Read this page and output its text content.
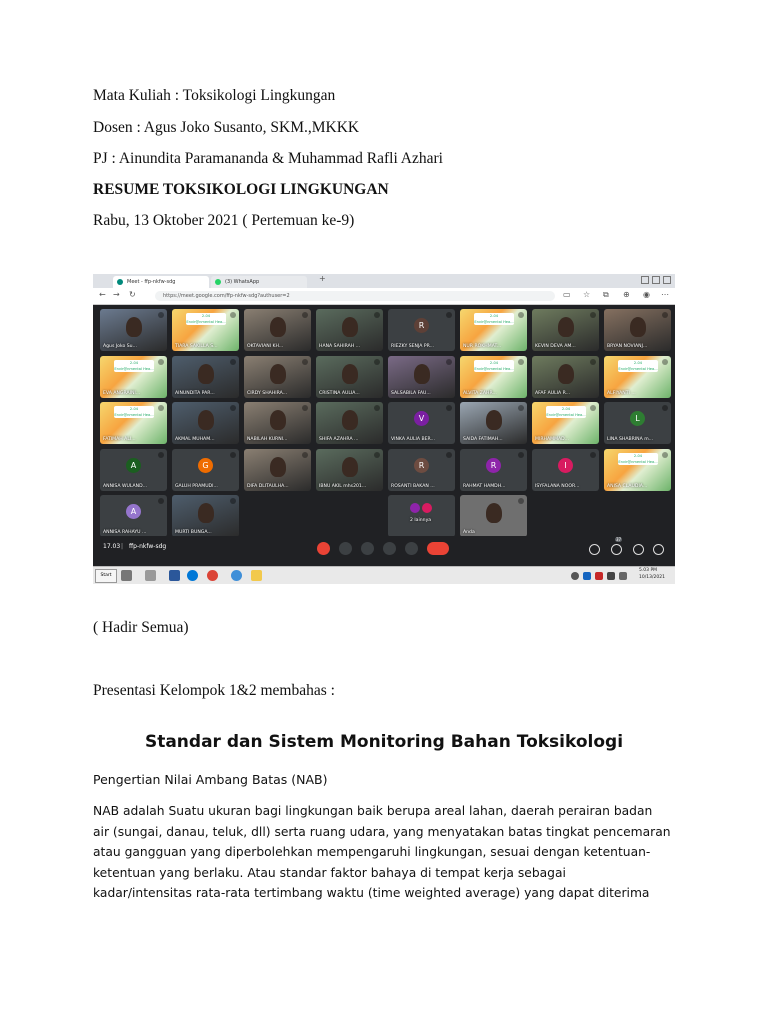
Mata Kuliah : Toksikologi Lingkungan
Dosen : Agus Joko Susanto, SKM.,MKKK
PJ : Ainundita Paramananda & Muhammad Rafli Azhari
RESUME TOKSIKOLOGI LINGKUNGAN
Rabu, 13 Oktober 2021 ( Pertemuan ke-9)
Meet - ffp-nkfw-sdg	(3) WhatsApp	+
← → ↻	https://meet.google.com/ffp-nkfw-sdg?authuser=2	▭ ☆ ⧉ ⊕ ◉ ⋯
Agus Joko Su...
2-04
Envir@nmental Hea...
TIARA SAKILLA S...	OKTAVIANI KH...	HANA SAHIRAH ...
R
RIEZKY SENJA PR...
2-04
Envir@nmental Hea...
NUR ROKHMAT...	KEVIN DEVA AM...	BRYAN NOVIANJ...
2-04
Envir@nmental Hea...
EVA ANGRAINI...	AINUNDITA PAR...	CIRDY SHAHIRA...	CRISTINA AULIA...	SALSABILA FAU...
2-04
Envir@nmental Hea...
ALVITA ZAHR...	AFAF AULIA R...
2-04
Envir@nmental Hea...
ALFIYANTI ...
2-04
Envir@nmental Hea...
FATIMAH ALI...	AKMAL MUHAM...	NABILAH KURNI...	SHIFA AZAHRA ...
V
VINKA AULIA BER...	SAIDA FATIMAH...
2-04
Envir@nmental Hea...
MIRHAMMAD...
L
LINA SHABRINA m...
A
ANNISA WULAND...
G
GALUH PRAMUDI...	DIFA DLITAULHA...	IBNU AKIL mhs201...
R
ROSANTI BAKAN ...
R
RAHMAT HAMDH...
I
ISYFALANA NOOR...
2-04
Envir@nmental Hea...
ANISA CLAUDIA...
A
ANNISA RAHAYU ...	MURTI BUNGA...
2 lainnya
Anda
17.03 | ffp-nkfw-sdg
37
Start
5.03 PM
10/13/2021
( Hadir Semua)
Presentasi Kelompok 1&2 membahas :
Standar dan Sistem Monitoring Bahan Toksikologi
Pengertian Nilai Ambang Batas (NAB)
NAB adalah Suatu ukuran bagi lingkungan baik berupa areal lahan, daerah perairan badan
air (sungai, danau, teluk, dll) serta ruang udara, yang menyatakan batas tingkat pencemaran
atau gangguan yang diperbolehkan mempengaruhi lingkungan, sesuai dengan ketentuan-
ketentuan yang berlaku. Atau standar faktor bahaya di tempat kerja sebagai
kadar/intensitas rata-rata tertimbang waktu (time weighted average) yang dapat diterima
